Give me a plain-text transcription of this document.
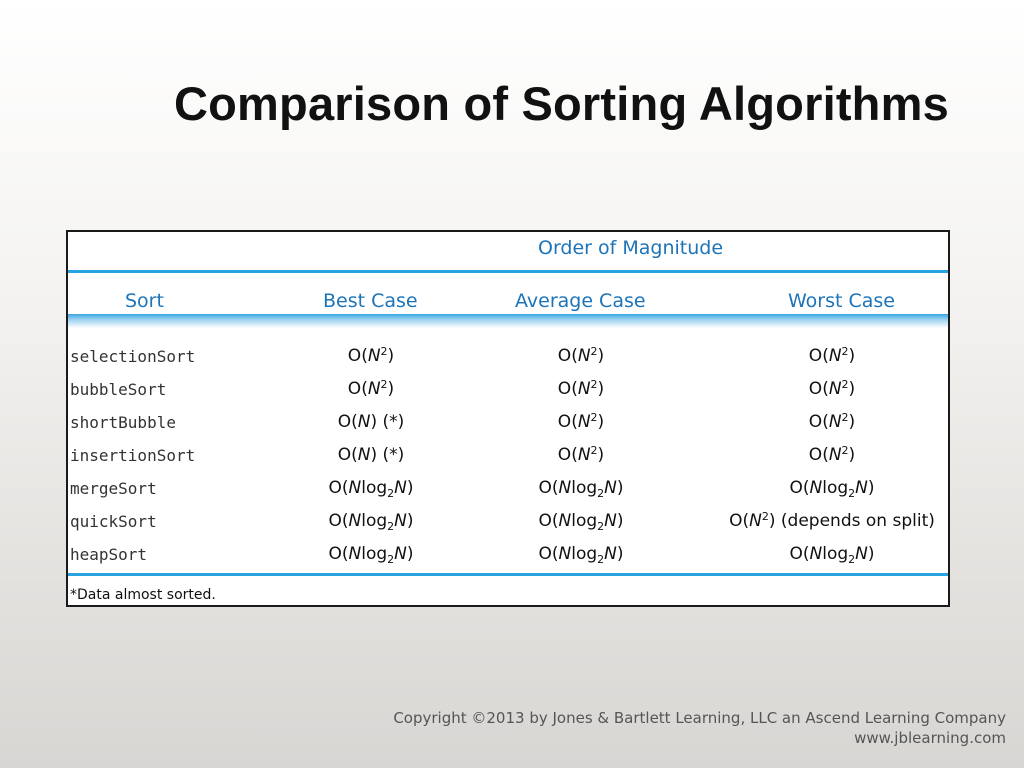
Comparison of Sorting Algorithms
Order of Magnitude
Sort	Best Case	Average Case	Worst Case
selectionSort	$O(N^2)$	$O(N^2)$	$O(N^2)$
bubbleSort	$O(N^2)$	$O(N^2)$	$O(N^2)$
shortBubble	O(N) (*)	$O(N^2)$	$O(N^2)$
insertionSort	O(N) (*)	$O(N^2)$	$O(N^2)$
mergeSort	O(Nlog$_2$N)	O(Nlog$_2$N)	O(Nlog$_2$N)
quickSort	O(Nlog$_2$N)	O(Nlog$_2$N)	$O(N^2)$ (depends on split)
heapSort	O(Nlog$_2$N)	O(Nlog$_2$N)	O(Nlog$_2$N)
*Data almost sorted.
Copyright ©2013 by Jones & Bartlett Learning, LLC an Ascend Learning Company
www.jblearning.com
